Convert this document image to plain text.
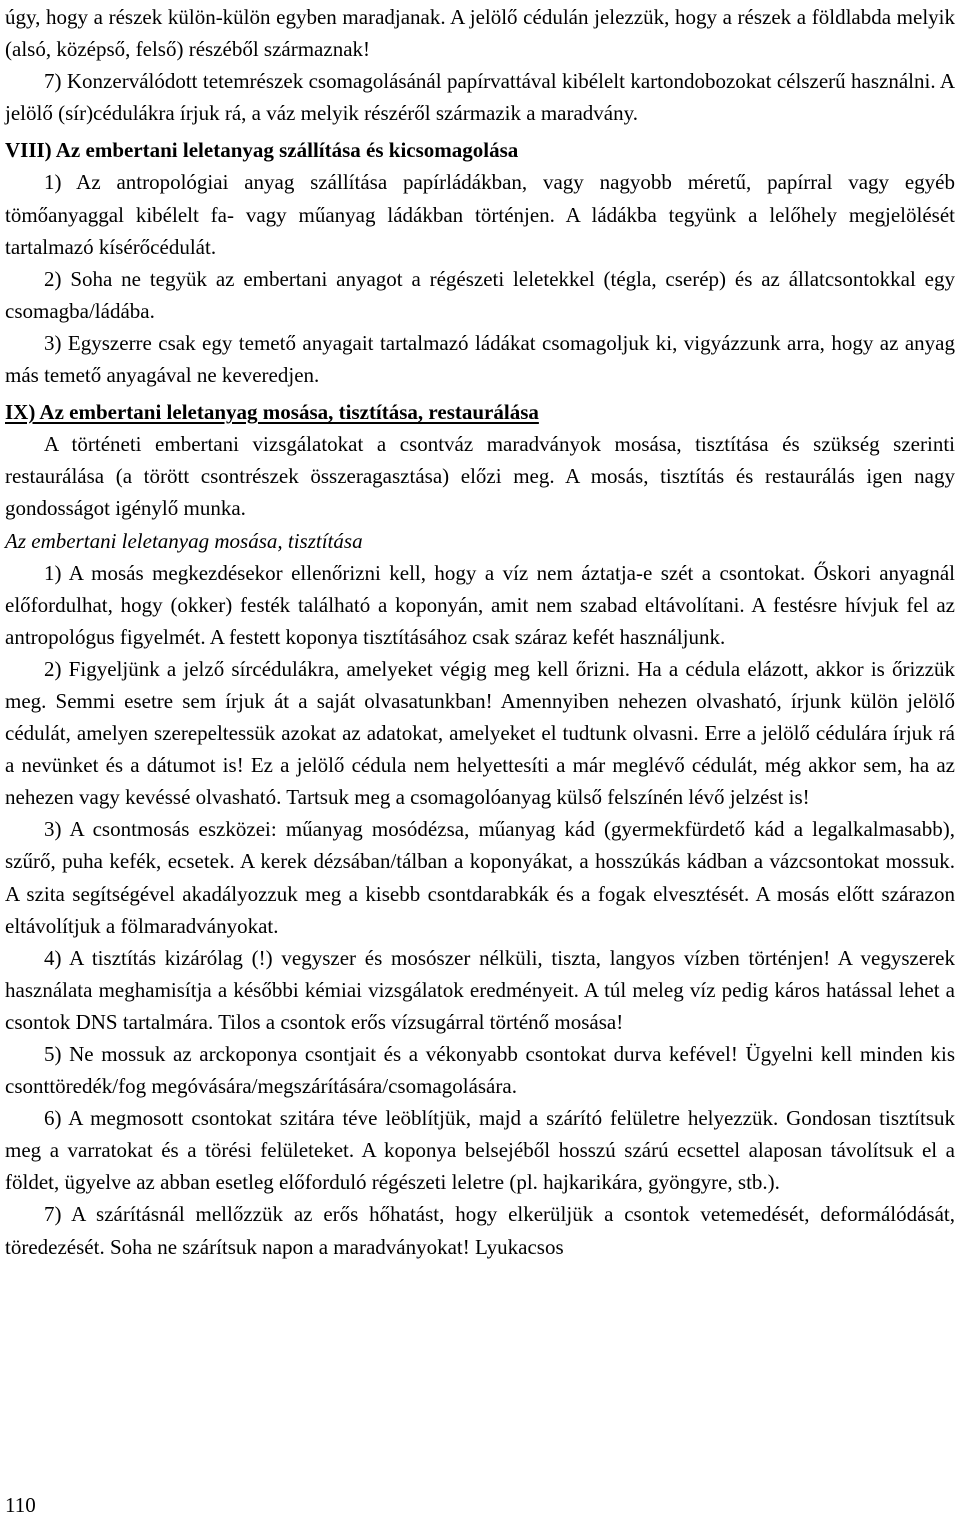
úgy, hogy a részek külön-külön egyben maradjanak. A jelölő cédulán jelezzük, hogy a részek a földlabda melyik (alsó, középső, felső) részéből származnak!

7) Konzerválódott tetemrészek csomagolásánál papírvattával kibélelt kartondobozokat célszerű használni. A jelölő (sír)cédulákra írjuk rá, a váz melyik részéről származik a maradvány.

VIII) Az embertani leletanyag szállítása és kicsomagolása

1) Az antropológiai anyag szállítása papírládákban, vagy nagyobb méretű, papírral vagy egyéb tömőanyaggal kibélelt fa- vagy műanyag ládákban történjen. A ládákba tegyünk a lelőhely megjelölését tartalmazó kísérőcédulát.

2) Soha ne tegyük az embertani anyagot a régészeti leletekkel (tégla, cserép) és az állatcsontokkal egy csomagba/ládába.

3) Egyszerre csak egy temető anyagait tartalmazó ládákat csomagoljuk ki, vigyázzunk arra, hogy az anyag más temető anyagával ne keveredjen.

IX) Az embertani leletanyag mosása, tisztítása, restaurálása

A történeti embertani vizsgálatokat a csontváz maradványok mosása, tisztítása és szükség szerinti restaurálása (a törött csontrészek összeragasztása) előzi meg. A mosás, tisztítás és restaurálás igen nagy gondosságot igénylő munka.

Az embertani leletanyag mosása, tisztítása

1) A mosás megkezdésekor ellenőrizni kell, hogy a víz nem áztatja-e szét a csontokat. Őskori anyagnál előfordulhat, hogy (okker) festék található a koponyán, amit nem szabad eltávolítani. A festésre hívjuk fel az antropológus figyelmét. A festett koponya tisztításához csak száraz kefét használjunk.

2) Figyeljünk a jelző sírcédulákra, amelyeket végig meg kell őrizni. Ha a cédula elázott, akkor is őrizzük meg. Semmi esetre sem írjuk át a saját olvasatunkban! Amennyiben nehezen olvasható, írjunk külön jelölő cédulát, amelyen szerepeltessük azokat az adatokat, amelyeket el tudtunk olvasni. Erre a jelölő cédulára írjuk rá a nevünket és a dátumot is! Ez a jelölő cédula nem helyettesíti a már meglévő cédulát, még akkor sem, ha az nehezen vagy kevéssé olvasható. Tartsuk meg a csomagolóanyag külső felszínén lévő jelzést is!

3) A csontmosás eszközei: műanyag mosódézsa, műanyag kád (gyermekfürdető kád a legalkalmasabb), szűrő, puha kefék, ecsetek. A kerek dézsában/tálban a koponyákat, a hosszúkás kádban a vázcsontokat mossuk. A szita segítségével akadályozzuk meg a kisebb csontdarabkák és a fogak elvesztését. A mosás előtt szárazon eltávolítjuk a fölmaradványokat.

4) A tisztítás kizárólag (!) vegyszer és mosószer nélküli, tiszta, langyos vízben történjen! A vegyszerek használata meghamisítja a későbbi kémiai vizsgálatok eredményeit. A túl meleg víz pedig káros hatással lehet a csontok DNS tartalmára. Tilos a csontok erős vízsugárral történő mosása!

5) Ne mossuk az arckoponya csontjait és a vékonyabb csontokat durva kefével! Ügyelni kell minden kis csonttöredék/fog megóvására/megszárítására/csomagolására.

6) A megmosott csontokat szitára téve leöblítjük, majd a szárító felületre helyezzük. Gondosan tisztítsuk meg a varratokat és a törési felületeket. A koponya belsejéből hosszú szárú ecsettel alaposan távolítsuk el a földet, ügyelve az abban esetleg előforduló régészeti leletre (pl. hajkarikára, gyöngyre, stb.).

7) A szárításnál mellőzzük az erős hőhatást, hogy elkerüljük a csontok vetemedését, deformálódását, töredezését. Soha ne szárítsuk napon a maradványokat! Lyukacsos

110
